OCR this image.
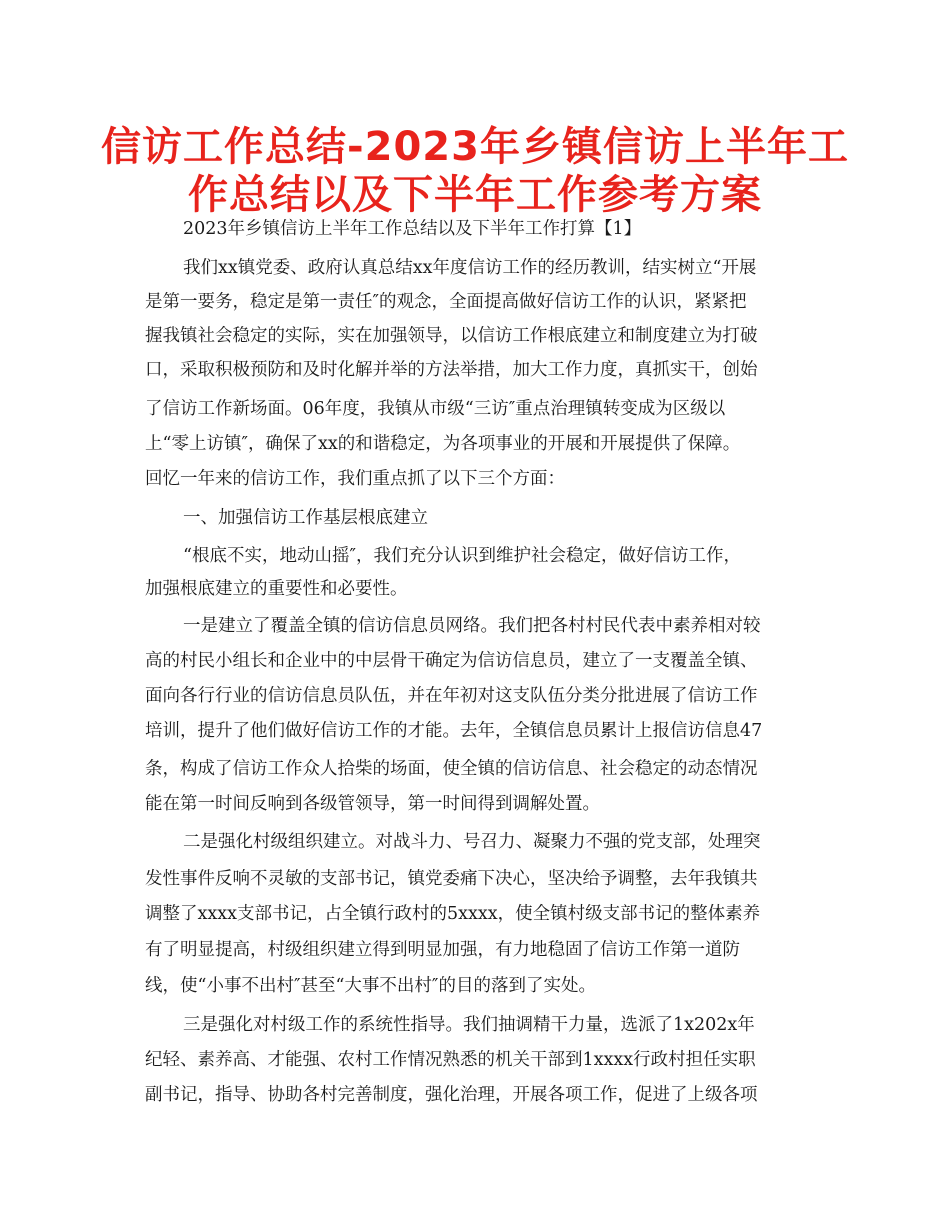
信访工作总结-2023年乡镇信访上半年工
作总结以及下半年工作参考方案
2023年乡镇信访上半年工作总结以及下半年工作打算【1】
我们xx镇党委、政府认真总结xx年度信访工作的经历教训，结实树立“开展
是第一要务，稳定是第一责任″的观念，全面提高做好信访工作的认识，紧紧把
握我镇社会稳定的实际，实在加强领导，以信访工作根底建立和制度建立为打破
口，采取积极预防和及时化解并举的方法举措，加大工作力度，真抓实干，创始
了信访工作新场面。06年度，我镇从市级“三访″重点治理镇转变成为区级以
上“零上访镇″，确保了xx的和谐稳定，为各项事业的开展和开展提供了保障。
回忆一年来的信访工作，我们重点抓了以下三个方面：
一、加强信访工作基层根底建立
“根底不实，地动山摇″，我们充分认识到维护社会稳定，做好信访工作，
加强根底建立的重要性和必要性。
一是建立了覆盖全镇的信访信息员网络。我们把各村村民代表中素养相对较
高的村民小组长和企业中的中层骨干确定为信访信息员，建立了一支覆盖全镇、
面向各行行业的信访信息员队伍，并在年初对这支队伍分类分批进展了信访工作
培训，提升了他们做好信访工作的才能。去年，全镇信息员累计上报信访信息47
条，构成了信访工作众人拾柴的场面，使全镇的信访信息、社会稳定的动态情况
能在第一时间反响到各级管领导，第一时间得到调解处置。
二是强化村级组织建立。对战斗力、号召力、凝聚力不强的党支部，处理突
发性事件反响不灵敏的支部书记，镇党委痛下决心，坚决给予调整，去年我镇共
调整了xxxx支部书记，占全镇行政村的5xxxx，使全镇村级支部书记的整体素养
有了明显提高，村级组织建立得到明显加强，有力地稳固了信访工作第一道防
线，使“小事不出村″甚至“大事不出村″的目的落到了实处。
三是强化对村级工作的系统性指导。我们抽调精干力量，选派了1x202x年
纪轻、素养高、才能强、农村工作情况熟悉的机关干部到1xxxx行政村担任实职
副书记，指导、协助各村完善制度，强化治理，开展各项工作，促进了上级各项
